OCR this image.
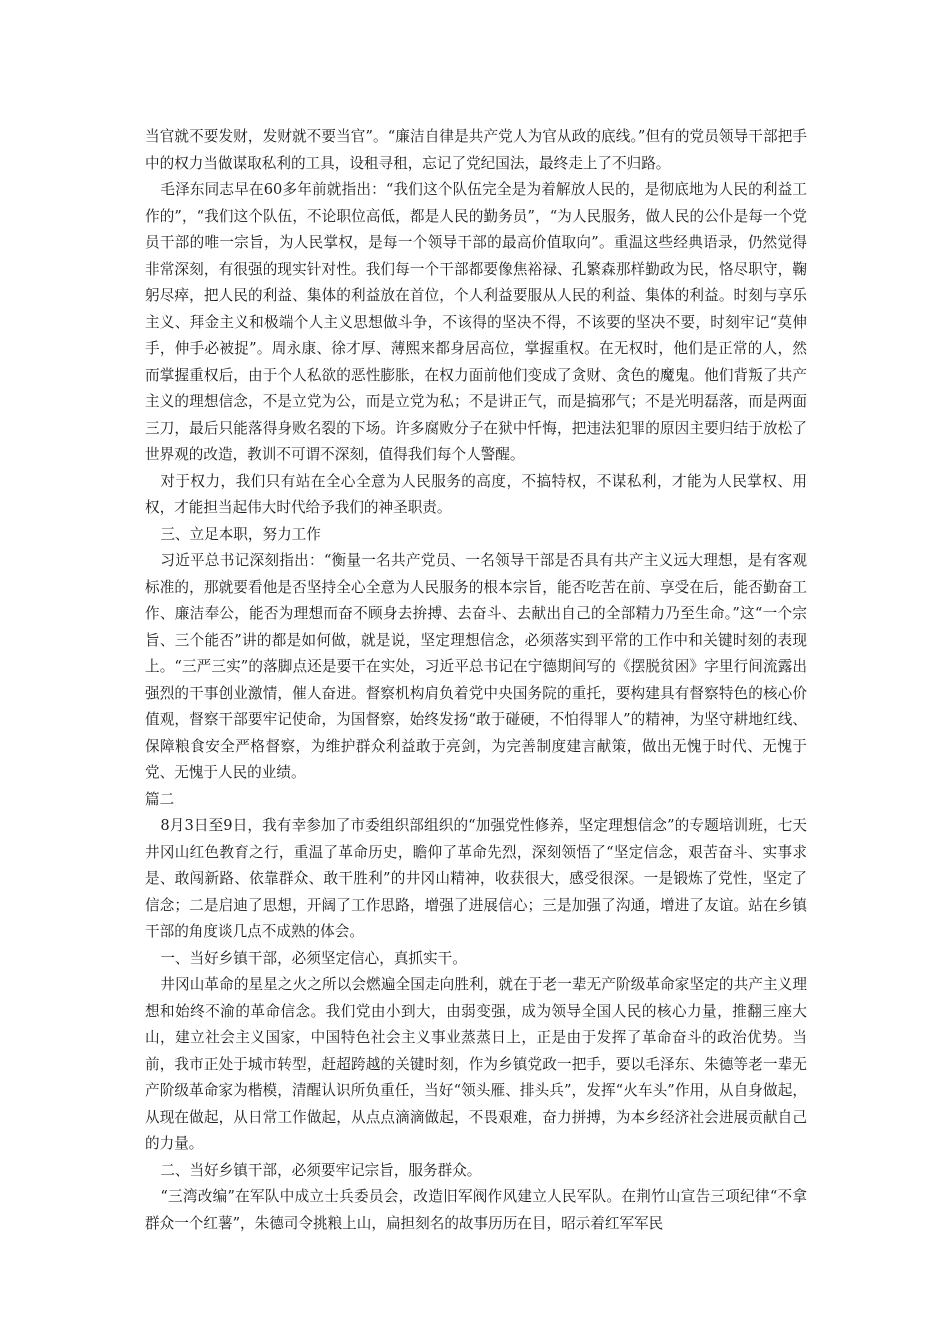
当官就不要发财，发财就不要当官”。“廉洁自律是共产党人为官从政的底线。”但有的党员领导干部把手中的权力当做谋取私利的工具，设租寻租，忘记了党纪国法，最终走上了不归路。

毛泽东同志早在60多年前就指出：“我们这个队伍完全是为着解放人民的，是彻底地为人民的利益工作的”，“我们这个队伍，不论职位高低，都是人民的勤务员”，“为人民服务，做人民的公仆是每一个党员干部的唯一宗旨，为人民掌权，是每一个领导干部的最高价值取向”。重温这些经典语录，仍然觉得非常深刻，有很强的现实针对性。我们每一个干部都要像焦裕禄、孔繁森那样勤政为民，恪尽职守，鞠躬尽瘁，把人民的利益、集体的利益放在首位，个人利益要服从人民的利益、集体的利益。时刻与享乐主义、拜金主义和极端个人主义思想做斗争，不该得的坚决不得，不该要的坚决不要，时刻牢记“莫伸手，伸手必被捉”。周永康、徐才厚、薄熙来都身居高位，掌握重权。在无权时，他们是正常的人，然而掌握重权后，由于个人私欲的恶性膨胀，在权力面前他们变成了贪财、贪色的魔鬼。他们背叛了共产主义的理想信念，不是立党为公，而是立党为私；不是讲正气，而是搞邪气；不是光明磊落，而是两面三刀，最后只能落得身败名裂的下场。许多腐败分子在狱中忏悔，把违法犯罪的原因主要归结于放松了世界观的改造，教训不可谓不深刻，值得我们每个人警醒。

对于权力，我们只有站在全心全意为人民服务的高度，不搞特权，不谋私利，才能为人民掌权、用权，才能担当起伟大时代给予我们的神圣职责。

三、立足本职，努力工作

习近平总书记深刻指出：“衡量一名共产党员、一名领导干部是否具有共产主义远大理想，是有客观标准的，那就要看他是否坚持全心全意为人民服务的根本宗旨，能否吃苦在前、享受在后，能否勤奋工作、廉洁奉公，能否为理想而奋不顾身去拚搏、去奋斗、去献出自己的全部精力乃至生命。”这“一个宗旨、三个能否”讲的都是如何做，就是说，坚定理想信念，必须落实到平常的工作中和关键时刻的表现上。“三严三实”的落脚点还是要干在实处，习近平总书记在宁德期间写的《摆脱贫困》字里行间流露出强烈的干事创业激情，催人奋进。督察机构肩负着党中央国务院的重托，要构建具有督察特色的核心价值观，督察干部要牢记使命，为国督察，始终发扬“敢于碰硬，不怕得罪人”的精神，为坚守耕地红线、保障粮食安全严格督察，为维护群众利益敢于亮剑，为完善制度建言献策，做出无愧于时代、无愧于党、无愧于人民的业绩。

篇二

8月3日至9日，我有幸参加了市委组织部组织的“加强党性修养，坚定理想信念”的专题培训班，七天井冈山红色教育之行，重温了革命历史，瞻仰了革命先烈，深刻领悟了“坚定信念，艰苦奋斗、实事求是、敢闯新路、依靠群众、敢干胜利”的井冈山精神，收获很大，感受很深。一是锻炼了党性，坚定了信念；二是启迪了思想，开阔了工作思路，增强了进展信心；三是加强了沟通，增进了友谊。站在乡镇干部的角度谈几点不成熟的体会。

一、当好乡镇干部，必须坚定信心，真抓实干。

井冈山革命的星星之火之所以会燃遍全国走向胜利，就在于老一辈无产阶级革命家坚定的共产主义理想和始终不渝的革命信念。我们党由小到大，由弱变强，成为领导全国人民的核心力量，推翻三座大山，建立社会主义国家，中国特色社会主义事业蒸蒸日上，正是由于发挥了革命奋斗的政治优势。当前，我市正处于城市转型，赶超跨越的关键时刻，作为乡镇党政一把手，要以毛泽东、朱德等老一辈无产阶级革命家为楷模，清醒认识所负重任，当好“领头雁、排头兵”，发挥“火车头”作用，从自身做起，从现在做起，从日常工作做起，从点点滴滴做起，不畏艰难，奋力拼搏，为本乡经济社会进展贡献自己的力量。

二、当好乡镇干部，必须要牢记宗旨，服务群众。

“三湾改编”在军队中成立士兵委员会，改造旧军阀作风建立人民军队。在荆竹山宣告三项纪律“不拿群众一个红薯”，朱德司令挑粮上山，扁担刻名的故事历历在目，昭示着红军军民
